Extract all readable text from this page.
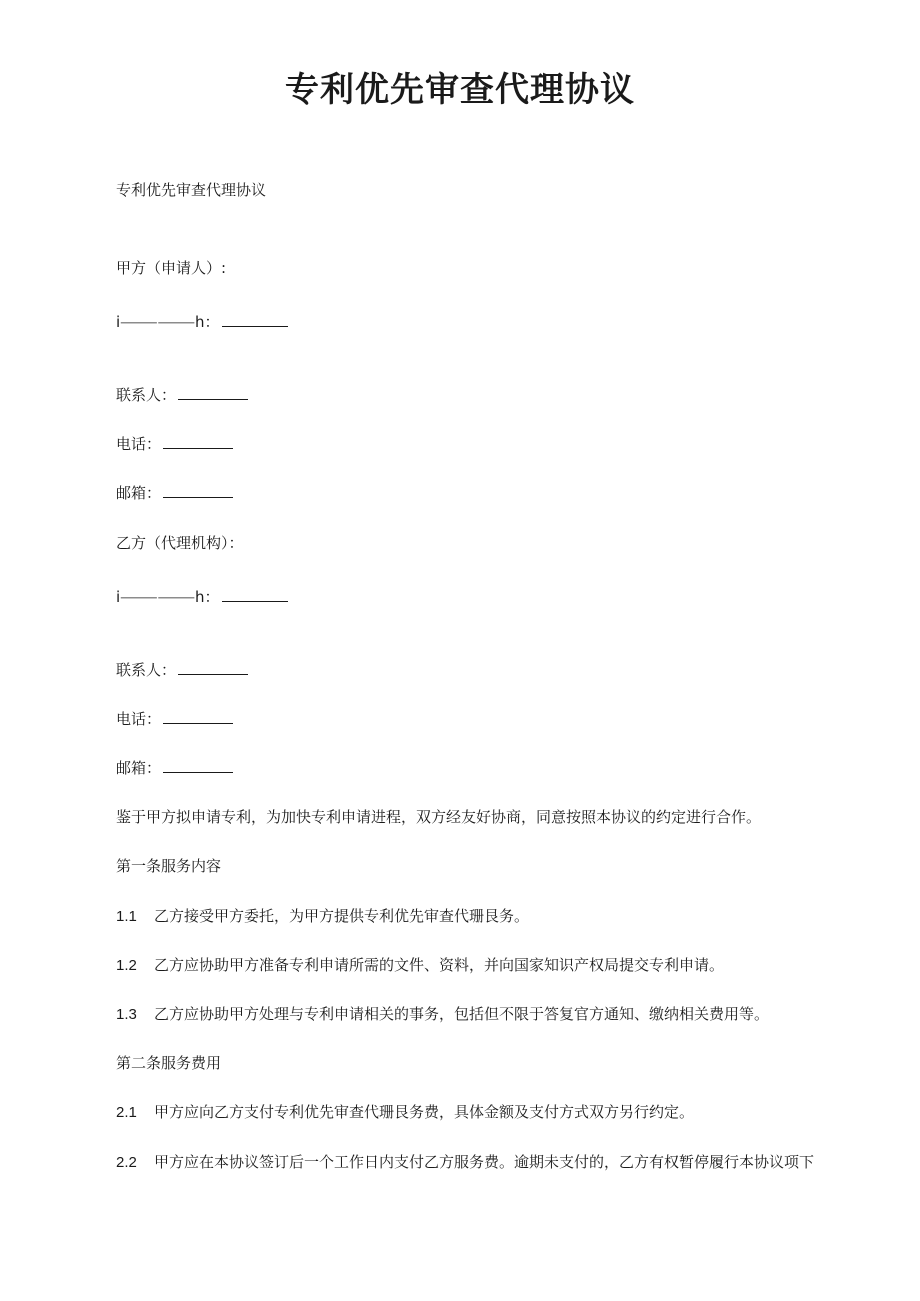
专利优先审查代理协议
专利优先审查代理协议
甲方（申请人）:
i⸻⸻h：
联系人：
电话：
邮箱：
乙方（代理机构）：
i⸻⸻h：
联系人：
电话：
邮箱：
鉴于甲方拟申请专利，为加快专利申请进程，双方经友好协商，同意按照本协议的约定进行合作。
第一条服务内容
1.1 乙方接受甲方委托，为甲方提供专利优先审查代珊艮务。
1.2 乙方应协助甲方准备专利申请所需的文件、资料，并向国家知识产权局提交专利申请。
1.3 乙方应协助甲方处理与专利申请相关的事务，包括但不限于答复官方通知、缴纳相关费用等。
第二条服务费用
2.1 甲方应向乙方支付专利优先审查代珊艮务费，具体金额及支付方式双方另行约定。
2.2 甲方应在本协议签订后一个工作日内支付乙方服务费。逾期未支付的，乙方有权暂停履行本协议项下
